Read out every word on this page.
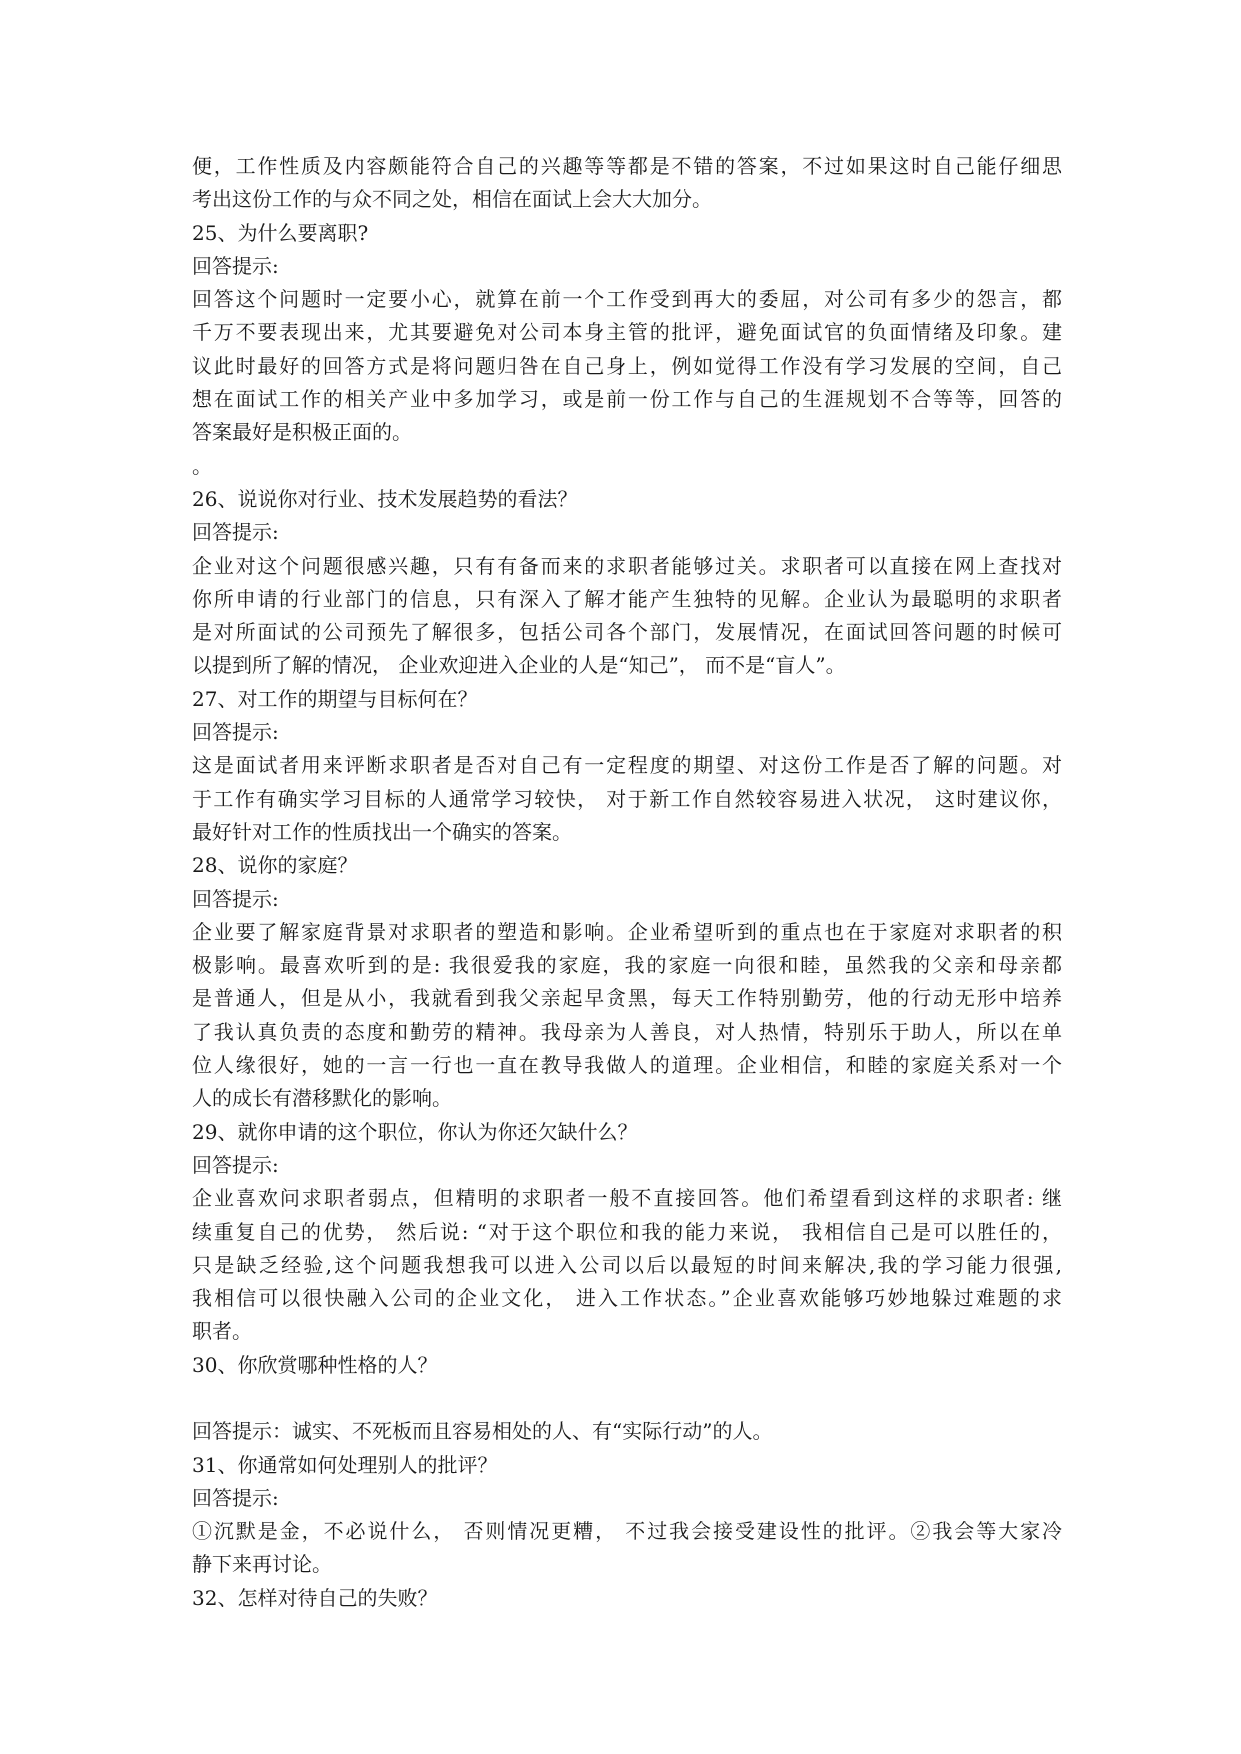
便，工作性质及内容颇能符合自己的兴趣等等都是不错的答案，不过如果这时自己能仔细思
考出这份工作的与众不同之处，相信在面试上会大大加分。
25、为什么要离职?
回答提示:
回答这个问题时一定要小心，就算在前一个工作受到再大的委屈，对公司有多少的怨言，都
千万不要表现出来，尤其要避免对公司本身主管的批评，避免面试官的负面情绪及印象。建
议此时最好的回答方式是将问题归咎在自己身上，例如觉得工作没有学习发展的空间，自己
想在面试工作的相关产业中多加学习，或是前一份工作与自己的生涯规划不合等等，回答的
答案最好是积极正面的。
。
26、说说你对行业、技术发展趋势的看法？
回答提示:
企业对这个问题很感兴趣，只有有备而来的求职者能够过关。求职者可以直接在网上查找对
你所申请的行业部门的信息，只有深入了解才能产生独特的见解。企业认为最聪明的求职者
是对所面试的公司预先了解很多，包括公司各个部门，发展情况，在面试回答问题的时候可
以提到所了解的情况， 企业欢迎进入企业的人是“知己”， 而不是“盲人”。
27、对工作的期望与目标何在？
回答提示:
这是面试者用来评断求职者是否对自己有一定程度的期望、对这份工作是否了解的问题。对
于工作有确实学习目标的人通常学习较快， 对于新工作自然较容易进入状况， 这时建议你，
最好针对工作的性质找出一个确实的答案。
28、说你的家庭？
回答提示:
企业要了解家庭背景对求职者的塑造和影响。企业希望听到的重点也在于家庭对求职者的积
极影响。最喜欢听到的是: 我很爱我的家庭，我的家庭一向很和睦，虽然我的父亲和母亲都
是普通人，但是从小，我就看到我父亲起早贪黑，每天工作特别勤劳，他的行动无形中培养
了我认真负责的态度和勤劳的精神。我母亲为人善良，对人热情，特别乐于助人，所以在单
位人缘很好，她的一言一行也一直在教导我做人的道理。企业相信，和睦的家庭关系对一个
人的成长有潜移默化的影响。
29、就你申请的这个职位，你认为你还欠缺什么？
回答提示:
企业喜欢问求职者弱点，但精明的求职者一般不直接回答。他们希望看到这样的求职者: 继
续重复自己的优势， 然后说: “对于这个职位和我的能力来说， 我相信自己是可以胜任的，
只是缺乏经验,这个问题我想我可以进入公司以后以最短的时间来解决,我的学习能力很强,
我相信可以很快融入公司的企业文化， 进入工作状态。”企业喜欢能够巧妙地躲过难题的求
职者。
30、你欣赏哪种性格的人？
回答提示：诚实、不死板而且容易相处的人、有“实际行动”的人。
31、你通常如何处理别人的批评？
回答提示:
①沉默是金，不必说什么， 否则情况更糟， 不过我会接受建设性的批评。②我会等大家冷
静下来再讨论。
32、怎样对待自己的失败？
